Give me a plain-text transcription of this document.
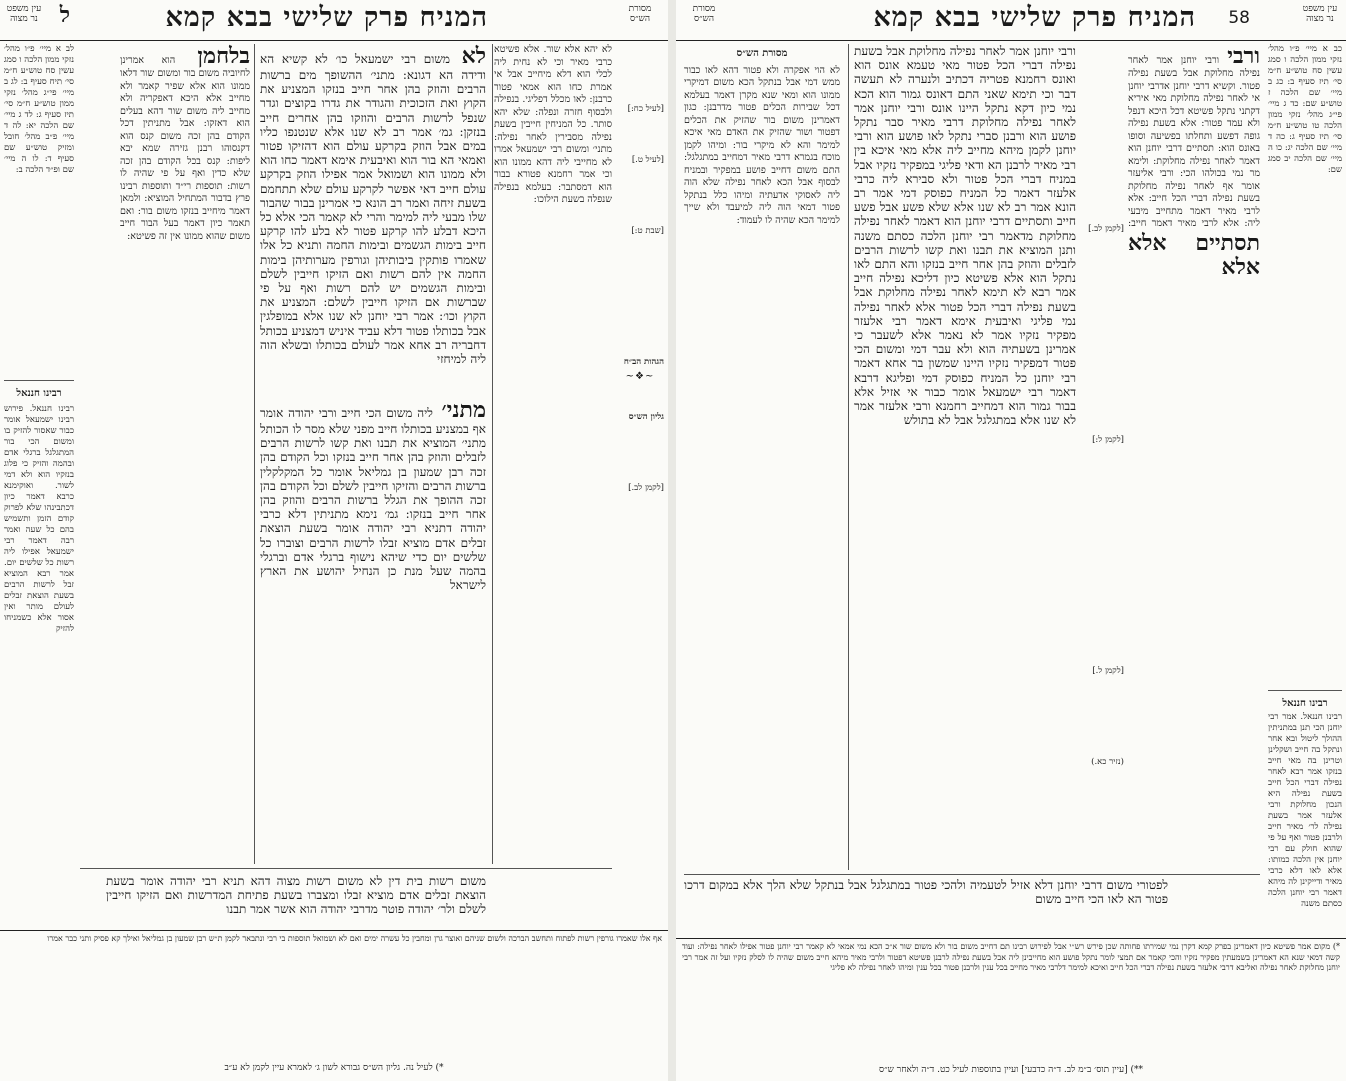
מסורת הש״ס
המניח פרק שלישי בבא קמא
ל
עין משפט נר מצוה
[לעיל כח:]
[לעיל ט.]
[שבת ט:]
הגהות הב״ח
~❖~
גליון הש״ס
[לקמן לב.]
לא יהא אלא שור. אלא פשיטא כרבי מאיר וכי לא נחית ליה לכלי הוא דלא מיחייב אבל אי אמרת כחו הוא אמאי פטור כרבנן: לאו מכלל דפליגי. בנפילה ולבסוף חזרה ונפלה: שלא יהא סותר. כל המניחין חייבין בשעת נפילה מסבירין לאחר נפילה: מתני׳ ומשום רבי ישמעאל אמרו לא מחייבי ליה דהא ממונו הוא וכי אמר רחמנא פטורא בבור הוא דמסתבר: בעלמא בנפילה שנפלה בשעת הילוכו:
לא משום רבי ישמעאל כו׳ לא קשיא הא ודידה הא דגונא: מתני׳ ההשופך מים ברשות הרבים והוזק בהן אחר חייב בנזקו המצניע את הקוץ ואת הזכוכית והגודר את גדרו בקוצים וגדר שנפל לרשות הרבים והוזקו בהן אחרים חייב בנזקן: גמ׳ אמר רב לא שנו אלא שנטנפו כליו במים אבל הוזק בקרקע עולם הוא דהזיקו פטור ואמאי הא בור הוא ואיבעית אימא דאמר כחו הוא ולא ממונו הוא ושמואל אמר אפילו הוזק בקרקע עולם חייב דאי אפשר לקרקע עולם שלא תתחמם בשעת זיחה ואמר רב הונא כי אמרינן בבור שהבור שלו מבעי ליה למימר והרי לא קאמר הכי אלא כל היכא דבלע להו קרקע פטור לא בלע להו קרקע חייב בימות הגשמים ובימות החמה ותניא כל אלו שאמרו פותקין ביבותיהן וגורפין מערותיהן בימות החמה אין להם רשות ואם הזיקו חייבין לשלם ובימות הגשמים יש להם רשות ואף על פי שברשות אם הזיקו חייבין לשלם: המצניע את הקוץ וכו׳: אמר רבי יוחנן לא שנו אלא במופלגין אבל בכותלו פטור דלא עביד איניש דמצניע בכותל דחבריה רב אחא אמר לעולם בכותלו ובשלא הוה ליה למיחזי
מתני׳ ליה משום הכי חייב ורבי יהודה אומר אף במצניע בכותלו חייב מפני שלא מסר לו הכותל מתני׳ המוציא את תבנו ואת קשו לרשות הרבים לזבלים והוזק בהן אחר חייב בנזקו וכל הקודם בהן זכה רבן שמעון בן גמליאל אומר כל המקלקלין ברשות הרבים והזיקו חייבין לשלם וכל הקודם בהן זכה ההופך את הגלל ברשות הרבים והוזק בהן אחר חייב בנזקו: גמ׳ נימא מתניתין דלא כרבי יהודה דתניא רבי יהודה אומר בשעת הוצאת זבלים אדם מוציא זבלו לרשות הרבים וצוברו כל שלשים יום כדי שיהא נישוף ברגלי אדם וברגלי בהמה שעל מנת כן הנחיל יהושע את הארץ לישראל
בלחמן הוא אמרינן לחיוביה משום בור ומשום שור דלאו ממונו הוא אלא שפיר קאמר ולא מחייב אלא היכא דאפקריה ולא מחייב ליה משום שור דהא בעלים הוא דאזקו: אבל מתניתין דכל הקודם בהן זכה משום קנס הוא דקנסוהו רבנן גזירה שמא יבא ליפות: קנס בכל הקודם בהן זכה שלא כדין ואף על פי שהיה לו רשות: תוספות רי״ד ותוספות רבינו פרץ בדבור המתחיל המוציא: ולמאן דאמר מיחייב בנזקו משום בור: ואם תאמר כיון דאמר בעל הבור חייב משום שהוא ממונו אין זה פשיטא:
לב א מיי׳ פ״ו מהל׳ נזקי ממון הלכה ו סמג עשין סח טוש״ע ח״מ סי׳ תיח סעיף ב: לג ב מיי׳ פי״ג מהל׳ נזקי ממון טוש״ע ח״מ סי׳ תיז סעיף ג: לד ג מיי׳ שם הלכה יא: לה ד מיי׳ פ״ב מהל׳ חובל ומזיק טוש״ע שם סעיף ד: לו ה מיי׳ שם ופ״ד הלכה ב:
רבינו חננאל
רבינו חננאל. פירוש רבינו ישמעאל אומר כבור שאסור להזיק בו ומשום הכי בור המתגלגל ברגלי אדם ובהמה והזיק כי פלוג בנזקיו הוא ולא דמי לשור. ואוקימנא כרבא דאמר כיון דכתבינהו שלא לפרוק קודם הזמן ותשמיש בהם כל שעה ואמר רבה דאמר רבי ישמעאל אפילו ליה רשות כל שלשים יום. אמר רבא המוציא זבל לרשות הרבים בשעת הוצאת זבלים לעולם מותר ואין אסור אלא כשמניחו להזיק
משום רשות בית דין לא משום רשות מצוה דהא תניא רבי יהודה אומר בשעת הוצאת זבלים אדם מוציא זבלו ומצברו בשעת פתיחת המדרשות ואם הזיקו חייבין לשלם ולר׳ יהודה פוטר מדרבי יהודה הוא אשר אמר תבנו
אף אלו שאמרו גורפין רשות לפתוח ותחשב הברכה ולשום שניהם ואוצר גרן ומחבין כל עשרה ימים ואם לא ושמואל תוספות בי רבי ונתבאר לקמן ת״ש רבן שמעון בן גמליאל ואילך קא פסיק ותני כבר אמרו
*) לעיל נה. גליון הש״ס גבורא לשון ג׳ לאמרא עיין לקמן לא ע״ב
עין משפט נר מצוה
58
המניח פרק שלישי בבא קמא
מסורת הש״ס
כב א מיי׳ פ״ו מהל׳ נזקי ממון הלכה ו סמג עשין סח טוש״ע ח״מ סי׳ תיז סעיף ב: כג ב מיי׳ שם הלכה ז טוש״ע שם: כד ג מיי׳ פי״ג מהל׳ נזקי ממון הלכה טו טוש״ע ח״מ סי׳ תיז סעיף ג: כה ד מיי׳ שם הלכה יג: כו ה מיי׳ שם הלכה יב סמג שם:
רבינו חננאל
רבינו חננאל. אמר רבי יוחנן הכי תנן במתניתין ההולך ליטול ובא אחר ונתקל בה חייב ושקלינן וטרינן בה מאי חייב בנזקו אמר רבא לאחר נפילה דברי הכל חייב בשעת נפילה היא הנכון מחלוקת ורבי אלעזר אמר בשעת נפילה לר׳ מאיר חייב ולרבנן פטור ואף על פי שהוא חולק עם רבי יוחנן אין הלכה כמותו: אלא לאו דלא כרבי מאיר ודייקינן לה מיהא דאמר רבי יוחנן הלכה כסתם משנה
ורבי ורבי יוחנן אמר לאחר נפילה מחלוקת אבל בשעת נפילה פטור. וקשיא דרבי יוחנן אדרבי יוחנן אי לאחר נפילה מחלוקת מאי איריא דקתני נתקל פשיטא דכל היכא דנפל ולא עמד פטור: אלא בשעת נפילה גופה דפשע ותחלתו בפשיעה וסופו באונס הוא: תסתיים דרבי יוחנן הוא דאמר לאחר נפילה מחלוקת: ולימא מר נמי בכולהו הכי: ורבי אליעזר אומר אף לאחר נפילה מחלוקת בשעת נפילה דברי הכל חייב: אלא לרבי מאיר דאמר מתחייב מיבעי ליה: אלא לרבי מאיר דאמר חייב: תסתיים אלא אלא
[לקמן לב.]
[לקמן ל:]
[לקמן ל.]
(נזיר כא.)
ורבי יוחנן אמר לאחר נפילה מחלוקת אבל בשעת נפילה דברי הכל פטור מאי טעמא אונס הוא ואונס רחמנא פטריה דכתיב ולנערה לא תעשה דבר וכי תימא שאני התם דאונס גמור הוא הכא נמי כיון דקא נתקל היינו אונס ורבי יוחנן אמר לאחר נפילה מחלוקת דרבי מאיר סבר נתקל פושע הוא ורבנן סברי נתקל לאו פושע הוא ורבי יוחנן לקמן מיהא מחייב ליה אלא מאי איכא בין רבי מאיר לרבנן הא ודאי פליגי במפקיר נזקיו אבל במניח דברי הכל פטור ולא סבירא ליה כרבי אלעזר דאמר כל המניח כפוסק דמי אמר רב הונא אמר רב לא שנו אלא שלא פשע אבל פשע חייב ותסתיים דרבי יוחנן הוא דאמר לאחר נפילה מחלוקת מדאמר רבי יוחנן הלכה כסתם משנה ותנן המוציא את תבנו ואת קשו לרשות הרבים לזבלים והוזק בהן אחר חייב בנזקו והא התם לאו נתקל הוא אלא פשיטא כיון דליכא נפילה חייב אמר רבא לא תימא לאחר נפילה מחלוקת אבל בשעת נפילה דברי הכל פטור אלא לאחר נפילה נמי פליגי ואיבעית אימא דאמר רבי אלעזר מפקיר נזקיו אמר לא נאמר אלא לשעבר כי אמרינן בשעתיה הוא ולא עבר דמי ומשום הכי פטור דמפקיר נזקיו היינו שמשון בר אחא דאמר רבי יוחנן כל המניח כפוסק דמי ופליגא דרבא דאמר רבי ישמעאל אומר כבור אי אזיל אלא בבור גמור הוא דמחייב רחמנא ורבי אלעזר אמר לא שנו אלא במתגלגל אבל לא בתולש
מסורת הש״ס
לא הוי אפקרה ולא פטור דהא לאו כבור ממש דמי אבל בנתקל הכא משום דמיקרי ממונו הוא ומאי שנא מקרן דאמר בעלמא דכל שבירות הכלים פטור מדרבנן: כגון דאמרינן משום בור שהזיק את הכלים דפטור ושור שהזיק את האדם מאי איכא למימר והא לא מיקרי בור: ומיהו לקמן מוכח בגמרא דרבי מאיר דמחייב במתגלגל: התם משום דחייב פושע במפקיר ובמניח לבסוף אבל הכא לאחר נפילה שלא הוה ליה לאסוקי אדעתיה ומיהו כלל בנתקל פטור דמאי הוה ליה למיעבד ולא שייך למימר הכא שהיה לו לעמוד:
לפטורי משום דרבי יוחנן דלא אזיל לטעמיה ולהכי פטור במתגלגל אבל בנתקל שלא הלך אלא במקום דרכו פטור הא לאו הכי חייב משום
*) מקום אמר פשיטא כיון דאמרינן בפרק קמא דקרן נמי שמירתו פחותה שכן פירש רש״י אבל לפירוש רבינו תם דחייב משום בור ולא משום שור א״כ הכא נמי אמאי לא קאמר רבי יוחנן פטור אפילו לאחר נפילה: ועוד קשה דמאי שנא הא דאמרינן בשמעתין מפקיר נזקיו והכי קאמר אם תמצי לומר נתקל פושע הוא מחייבינן ליה אבל בשעת נפילה לרבנן פשיטא דפטור ולרבי מאיר מיהא חייב משום שהיה לו לסלק נזקיו ועל זה אמר רבי יוחנן מחלוקת לאחר נפילה ואליבא דרבי אלעזר בשעת נפילה דברי הכל חייב ואיכא למימר דלרבי מאיר מחייב בכל ענין ולרבנן פטור בכל ענין ומיהו לאחר נפילה לא פליגי
**) [עיין תוס׳ ב״מ לב. ד״ה כדבעי] ועיין בתוספות לעיל כט. ד״ה ולאחר ש״ס
